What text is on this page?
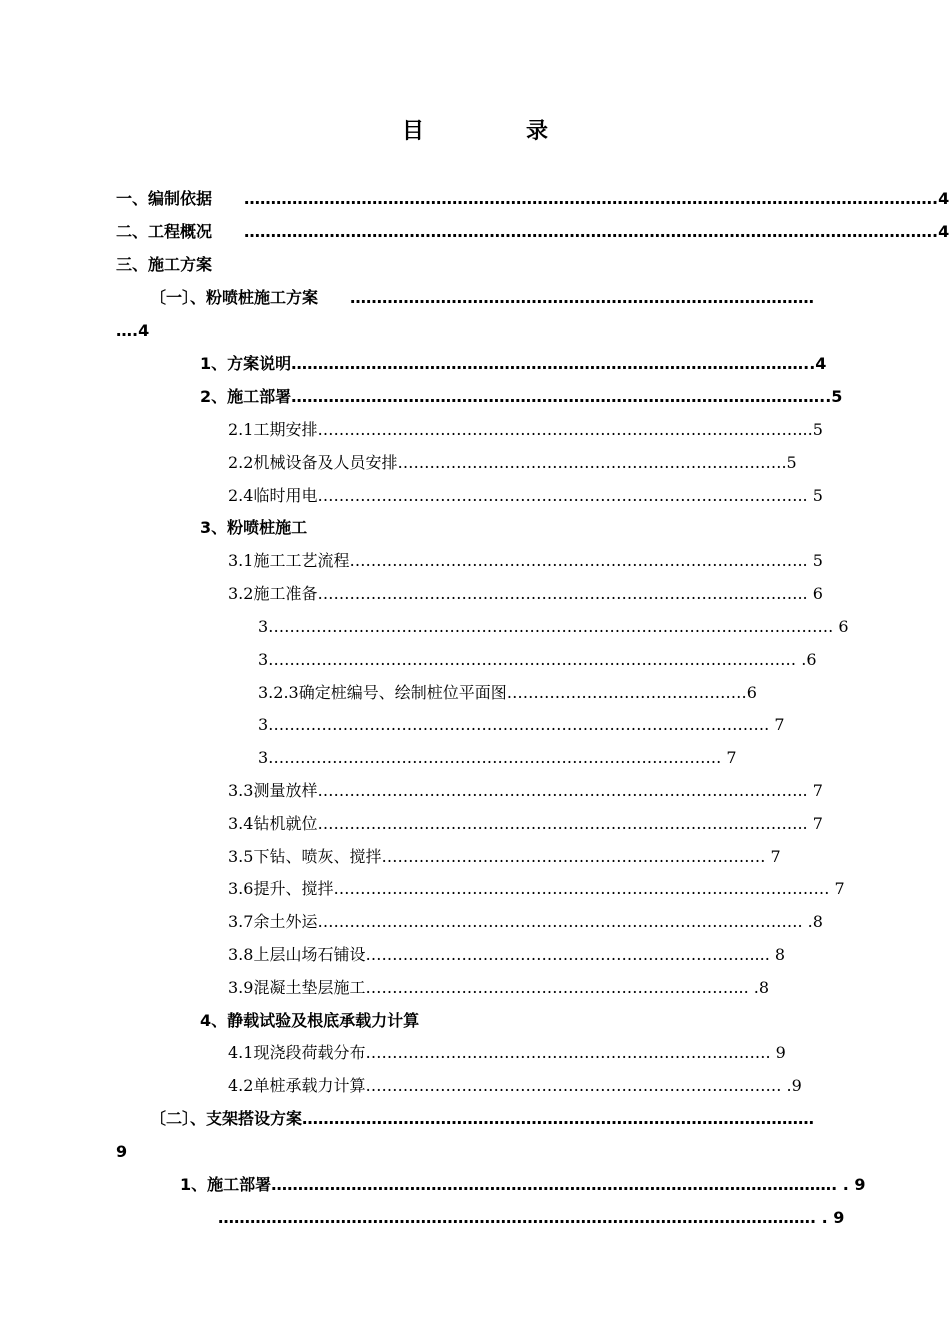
目　录
一、编制依据　　………………………………………………………………………………………………………………….4
二、工程概况　　………………………………………………………………………………………………………………….4
三、施工方案
〔一〕、粉喷桩施工方案　　……………………………………………………………………………
….4
1、方案说明……………………………………………………………………………………..4
2、施工部署………………………………………………………………………………………..5
2.1工期安排………………………………………………………………………………...5
2.2机械设备及人员安排……………………………………………………………….5
2.4临时用电……………………………………………………………………………….. 5
3、粉喷桩施工
3.1施工工艺流程………………………………………………………………………….. 5
3.2施工准备……………………………………………………………………………….. 6
3……………………………………………………………………………………………. 6
3……………………………………………………………………………………… .6
3.2.3确定桩编号、绘制桩位平面图………………………………………6
3…………………………………………………………………………………. 7
3…………………………………………………………………………. 7
3.3测量放样……………………………………………………………………………….. 7
3.4钻机就位……………………………………………………………………………….. 7
3.5下钻、喷灰、搅拌……………………………………………………………… 7
3.6提升、搅拌………………………………………………………………………………… 7
3.7余土外运………………………………………………………………………………. .8
3.8上层山场石铺设……………………………………………………………….... 8
3.9混凝土垫层施工……………………………………………………………... .8
4、静载试验及根底承载力计算
4.1现浇段荷载分布…………………………………………………………………. 9
4.2单桩承载力计算…………………………………………………………………… .9
〔二〕、支架搭设方案……………………………………………………………………………………
9
1、施工部署……………………………………………………………………………………………. . 9
…………………………………………………………………………………………………. . 9
